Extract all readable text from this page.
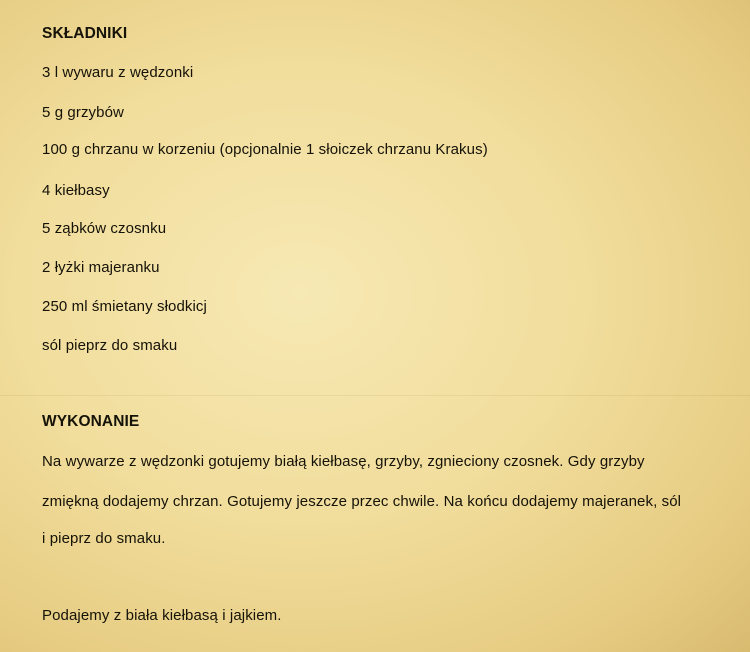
SKŁADNIKI

3 l wywaru z wędzonki

5 g grzybów

100 g chrzanu w korzeniu (opcjonalnie 1 słoiczek chrzanu Krakus)

4 kiełbasy

5 ząbków czosnku

2 łyżki majeranku

250 ml śmietany słodkicj

sól pieprz do smaku

WYKONANIE

Na wywarze z wędzonki gotujemy białą kiełbasę, grzyby, zgnieciony czosnek. Gdy grzyby

zmiękną dodajemy chrzan. Gotujemy jeszcze przec chwile. Na końcu dodajemy majeranek, sól

i pieprz do smaku.

Podajemy z biała kiełbasą i jajkiem.
